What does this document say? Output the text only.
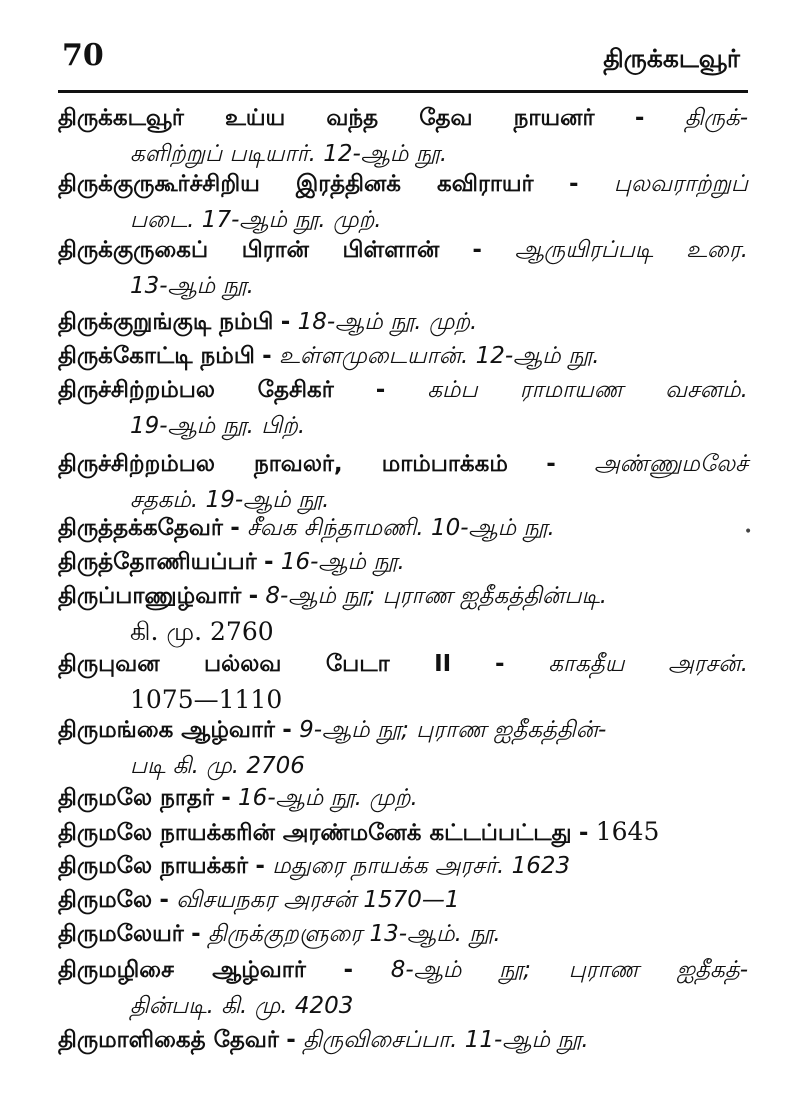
70	திருக்கடவூர்
திருக்கடவூர் உய்ய வந்த தேவ நாயனர் - திருக்-
களிற்றுப் படியார். 12-ஆம் நூ.
திருக்குருகூர்ச்சிறிய இரத்தினக் கவிராயர் - புலவராற்றுப்
படை. 17-ஆம் நூ. முற்.
திருக்குருகைப் பிரான் பிள்ளான் - ஆருயிரப்படி உரை.
13-ஆம் நூ.
திருக்குறுங்குடி நம்பி - 18-ஆம் நூ. முற்.
திருக்கோட்டி நம்பி - உள்ளமுடையான். 12-ஆம் நூ.
திருச்சிற்றம்பல தேசிகர் - கம்ப ராமாயண வசனம்.
19-ஆம் நூ. பிற்.
திருச்சிற்றம்பல நாவலர், மாம்பாக்கம் - அண்ணுமலேச்
சதகம். 19-ஆம் நூ.
திருத்தக்கதேவர் - சீவக சிந்தாமணி. 10-ஆம் நூ.
திருத்தோணியப்பர் - 16-ஆம் நூ.
திருப்பாணுழ்வார் - 8-ஆம் நூ; புராண ஐதீகத்தின்படி.
கி. மு. 2760
திருபுவன பல்லவ பேடா II - காகதீய அரசன்.
1075—1110
திருமங்கை ஆழ்வார் - 9-ஆம் நூ; புராண ஐதீகத்தின்-
படி கி. மு. 2706
திருமலே நாதர் - 16-ஆம் நூ. முற்.
திருமலே நாயக்கரின் அரண்மனேக் கட்டப்பட்டது - 1645
திருமலே நாயக்கர் - மதுரை நாயக்க அரசர். 1623
திருமலே - விசயநகர அரசன் 1570—1
திருமலேயர் - திருக்குறளுரை 13-ஆம். நூ.
திருமழிசை ஆழ்வார் - 8-ஆம் நூ; புராண ஐதீகத்-
தின்படி. கி. மு. 4203
திருமாளிகைத் தேவர் - திருவிசைப்பா. 11-ஆம் நூ.
•
